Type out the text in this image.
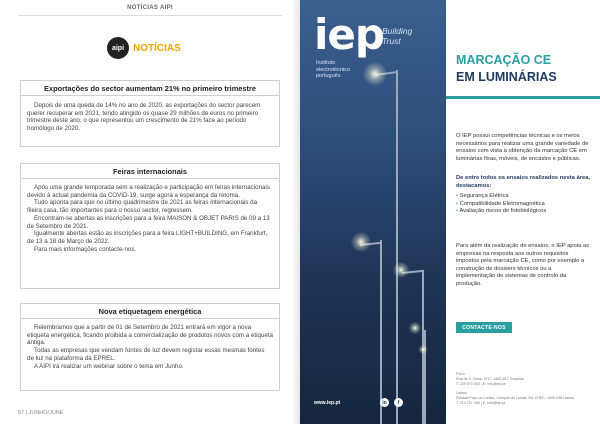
NOTÍCIAS AIPI
aipi NOTÍCIAS
Exportações do sector aumentam 21% no primeiro trimestre

Depois de uma queda de 14% no ano de 2020, as exportações do sector parecem querer recuperar em 2021, tendo atingido os quase 29 milhões de euros no primeiro trimestre deste ano, o que representou um crescimento de 21% face ao período homólogo de 2020.

Feiras internacionais

Após uma grande temporada sem a realização e participação em feiras internacionais devido à actual pandemia da COVID-19, surge agora a esperança da retoma.

Tudo aponta para que no último quadrimestre de 2021 as feiras internacionais da fileira casa, tão importantes para o nosso sector, regressem.

Encontram-se abertas as inscrições para a feira MAISON & OBJET PARIS de 09 a 13 de Setembro de 2021.

Igualmente abertas estão as inscrições para a feira LIGHT+BUILDING, em Frankfurt, de 13 a 18 de Março de 2022.

Para mais informações contacte-nos.

Nova etiquetagem energética

Relembramos que a partir de 01 de Setembro de 2021 entrará em vigor a nova etiqueta energética, ficando proibida a comercialização de produtos novos com a etiqueta antiga.

Todas as empresas que vendam fontes de luz devem registar essas mesmas fontes de luz na plataforma da EPREL.

A AIPI irá realizar um webinar sobre o tema em Junho.

57 | JUNHO/JUNE
iep
Building
Trust
Instituto
electrotécnico
português
www.iep.pt	in	f
MARCAÇÃO CE
EM LUMINÁRIAS

O IEP possui competências técnicas e os meios necessários para realizar uma grande variedade de ensaios com vista à obtenção da marcação CE em luminárias fixas, móveis, de encastre e públicas.

De entre todos os ensaios realizados nesta área, destacamos:

• Segurança Elétrica
• Compatibilidade Eletromagnética
• Avaliação riscos de fotobiológicos

Para além da realização de ensaios, o IEP apoia as empresas na resposta aos outros requisitos impostos pela marcação CE, como por exemplo a construção de dossiers técnicos ou a implementação de sistemas de controlo da produção.

CONTACTE-NOS
Porto
Rua de S. Gens, 3717, 4460-817 Custóias
T: 229 570 000 | E: info@iep.pt
Lisboa
Estrada Paço do Lumiar, Campus do Lumiar, Ed. O R/C, 1649-038 Lisboa
T: 214 727 250 | E: info@iep.pt
